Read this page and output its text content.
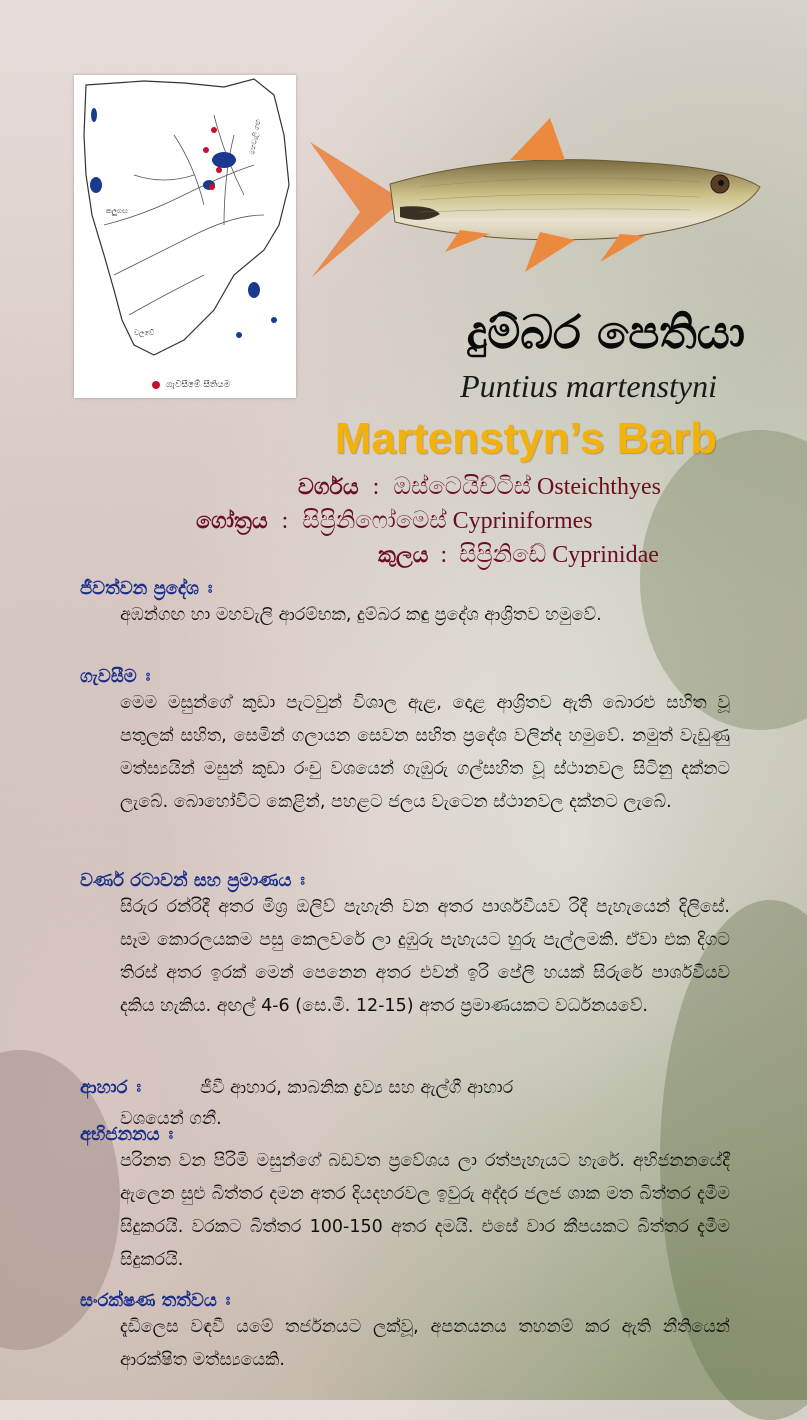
මහවැලි ගඟ
කලුගඟ
වලවේ
ගැවසීමේ සීතියම
දුම්බර පෙතියා
Puntius martenstyni
Martenstyn’s Barb
වර්ගය : ඔස්ටෙයිච්ටිස් Osteichthyes
ගෝත්‍රය : සිප්‍රිනිෆෝමෙස් Cypriniformes
කුලය : සිප්‍රිනිඩේ Cyprinidae

ජීවත්වන ප්‍රදේශ ඃ

අඹන්ගඟ හා මහවැලි ආරම්භක, දුම්බර කඳු ප්‍රදේශ ආශ්‍රිතව හමුවේ.

ගැවසීම ඃ

මෙම මසුන්ගේ කුඩා පැටවුන් විශාල ඇළ, දොළ ආශ්‍රිතව ඇති බොරළු සහිත වූ පතුලක් සහිත, සෙමින් ගලායන සෙවන සහිත ප්‍රදේශ වලින්ද හමුවේ. නමුත් වැඩුණු මත්ස්‍යයින් මසුන් කුඩා රංචු වශයෙන් ගැඹුරු ගල්සහිත වූ ස්ථානවල සිටිනු දක්නට ලැබේ. බොහෝවිට කෙළින්, පහළට ජලය වැටෙන ස්ථානවල දක්නට ලැබේ.

වර්ණ රටාවන් සහ ප්‍රමාණය ඃ

සිරුර රන්රිදී අතර මිශ්‍ර ඔලිව් පැහැති වන අතර පාර්ශවීයව රිදී පැහැයෙන් දිලිසේ. සෑම කොරලයකම පසු කෙලවරේ ලා දුඹුරු පැහැයට හුරු පැල්ලමකි. ඒවා එක දිගට තිරස් අතර ඉරක් මෙන් පෙනෙන අතර එවන් ඉරි පේලි හයක් සිරුරේ පාර්ශවීයව දකිය හැකිය. අඟල් 4-6 (සෙ.මී. 12-15) අතර ප්‍රමාණයකට වර්ධනයවේ.

ආහාර ඃ	ජීවී ආහාර, කාබනික ද්‍රව්‍ය සහ ඇල්ගී ආහාර

වශයෙන් ගනී.

අභිජනනය ඃ

පරිනත වන පිරිමි මසුන්ගේ බඩවත ප්‍රවේශය ලා රත්පැහැයට හැරේ. අභිජනනයේදී ඇලෙන සුළු බිත්තර දමන අතර දියදහරවල ඉවුරු අද්දර ජලජ ශාක මත බිත්තර දැමීම සිදුකරයි. වරකට බිත්තර 100-150 අතර දමයි. එසේ වාර කීපයකට බිත්තර දැමීම සිදුකරයි.

සංරක්ෂණ තත්වය ඃ

දැඩිලෙස වඳවී යමේ තර්ජනයට ලක්වූ, අපනයනය තහනම් කර ඇති නීතියෙන් ආරක්ෂිත මත්ස්‍යයෙකි.
